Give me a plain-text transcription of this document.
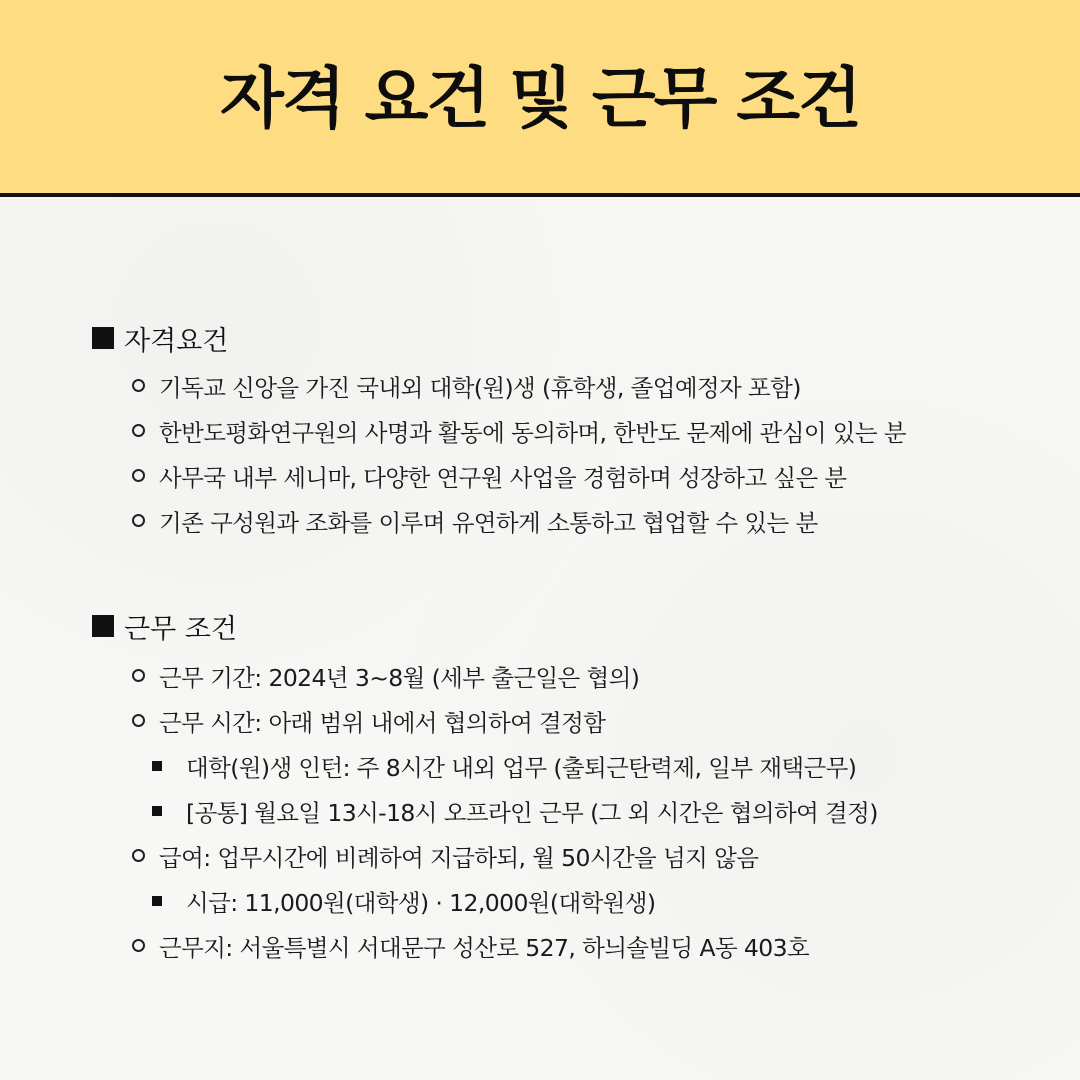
자격 요건 및 근무 조건
자격요건
기독교 신앙을 가진 국내외 대학(원)생 (휴학생, 졸업예정자 포함)
한반도평화연구원의 사명과 활동에 동의하며, 한반도 문제에 관심이 있는 분
사무국 내부 세니마, 다양한 연구원 사업을 경험하며 성장하고 싶은 분
기존 구성원과 조화를 이루며 유연하게 소통하고 협업할 수 있는 분
근무 조건
근무 기간: 2024년 3~8월 (세부 출근일은 협의)
근무 시간: 아래 범위 내에서 협의하여 결정함
대학(원)생 인턴: 주 8시간 내외 업무 (출퇴근탄력제, 일부 재택근무)
[공통] 월요일 13시-18시 오프라인 근무 (그 외 시간은 협의하여 결정)
급여: 업무시간에 비례하여 지급하되, 월 50시간을 넘지 않음
시급: 11,000원(대학생) · 12,000원(대학원생)
근무지: 서울특별시 서대문구 성산로 527, 하늬솔빌딩 A동 403호
